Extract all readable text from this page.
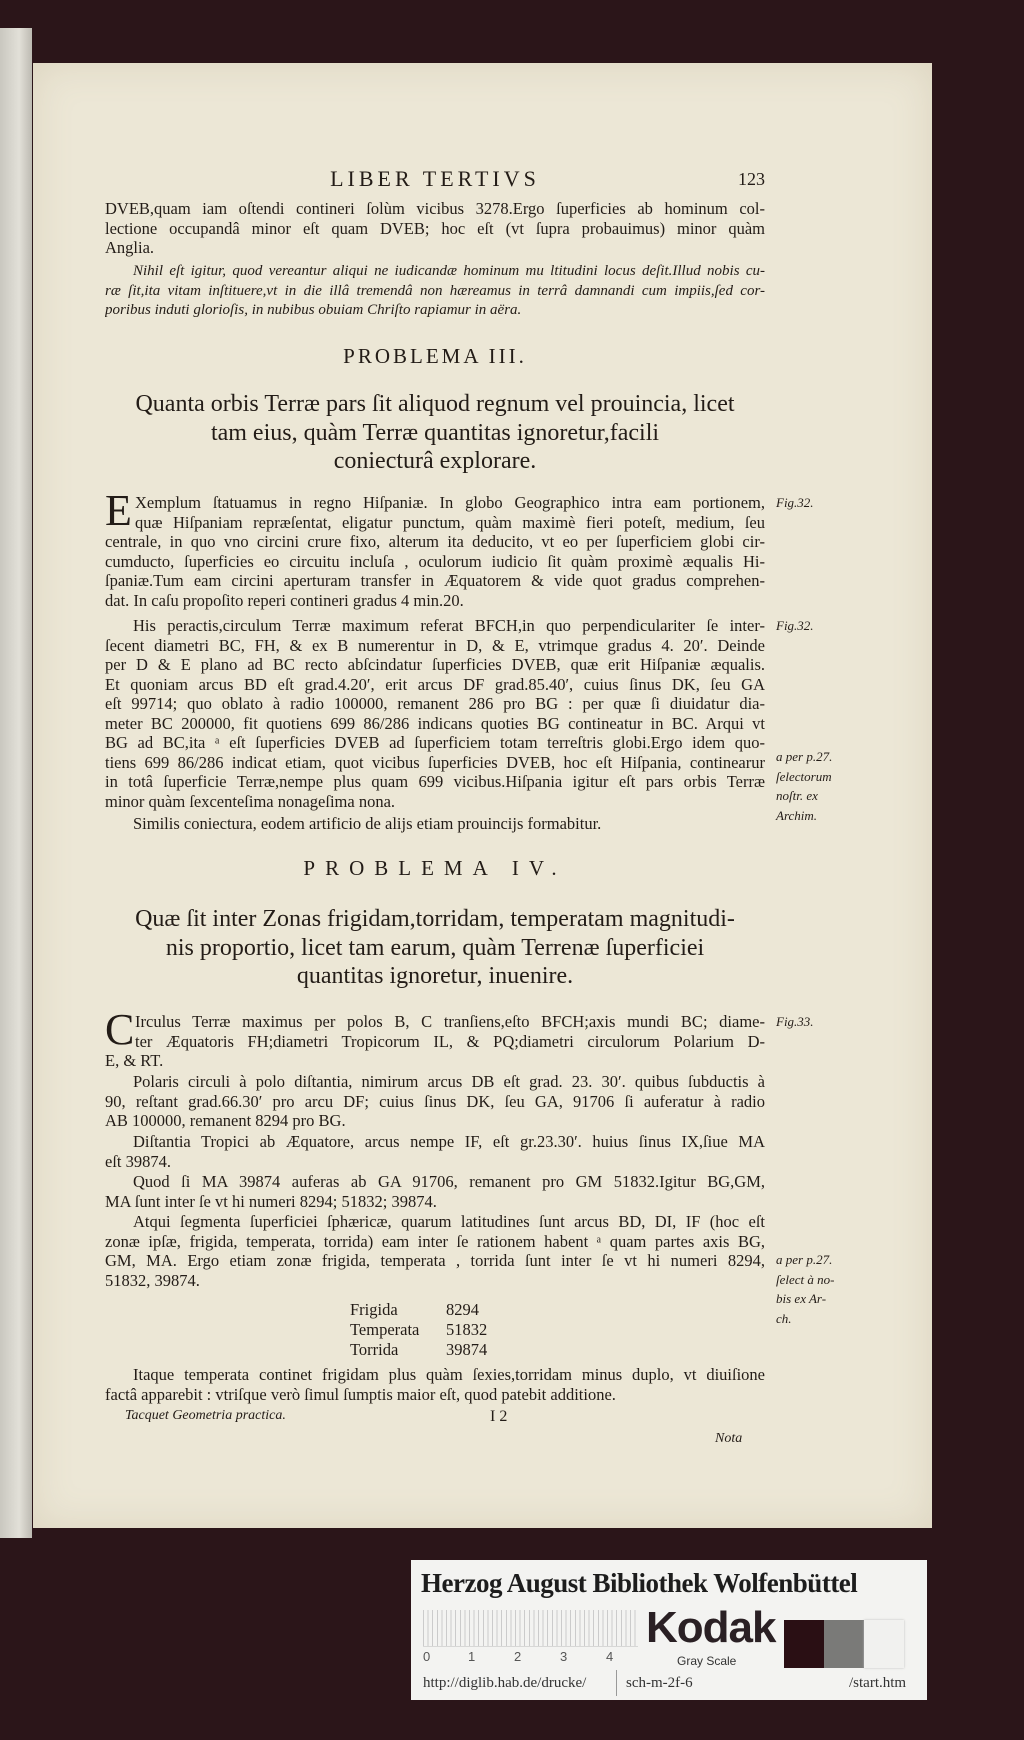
LIBER TERTIVS	123
DVEB,quam iam oſtendi contineri ſolùm vicibus 3278.Ergo ſuperficies ab hominum col-
lectione occupandâ minor eſt quam DVEB; hoc eſt (vt ſupra probauimus) minor quàm
Anglia.
Nihil eſt igitur, quod vereantur aliqui ne iudicandæ hominum mu ltitudini locus deſit.Illud nobis cu-
ræ ſit,ita vitam inſtituere,vt in die illâ tremendâ non hæreamus in terrâ damnandi cum impiis,ſed cor-
poribus induti glorioſis, in nubibus obuiam Chriſto rapiamur in aëra.
PROBLEMA III.
Quanta orbis Terræ pars ſit aliquod regnum vel prouincia, licet
tam eius, quàm Terræ quantitas ignoretur,facili
coniecturâ explorare.
E Xemplum ſtatuamus in regno Hiſpaniæ. In globo Geographico intra eam portionem,
quæ Hiſpaniam repræſentat, eligatur punctum, quàm maximè fieri poteſt, medium, ſeu
centrale, in quo vno circini crure fixo, alterum ita deducito, vt eo per ſuperficiem globi cir-
cumducto, ſuperficies eo circuitu incluſa , oculorum iudicio ſit quàm proximè æqualis Hi-
ſpaniæ.Tum eam circini aperturam transfer in Æquatorem & vide quot gradus comprehen-
dat. In caſu propoſito reperi contineri gradus 4 min.20.
His peractis,circulum Terræ maximum referat BFCH,in quo perpendiculariter ſe inter-
ſecent diametri BC, FH, & ex B numerentur in D, & E, vtrimque gradus 4. 20′. Deinde
per D & E plano ad BC recto abſcindatur ſuperficies DVEB, quæ erit Hiſpaniæ æqualis.
Et quoniam arcus BD eſt grad.4.20′, erit arcus DF grad.85.40′, cuius ſinus DK, ſeu GA
eſt 99714; quo oblato à radio 100000, remanent 286 pro BG : per quæ ſi diuidatur dia-
meter BC 200000, fit quotiens 699 86/286 indicans quoties BG contineatur in BC. Arqui vt
BG ad BC,ita ᵃ eſt ſuperficies DVEB ad ſuperficiem totam terreſtris globi.Ergo idem quo-
tiens 699 86/286 indicat etiam, quot vicibus ſuperficies DVEB, hoc eſt Hiſpania, continearur
in totâ ſuperficie Terræ,nempe plus quam 699 vicibus.Hiſpania igitur eſt pars orbis Terræ
minor quàm ſexcenteſima nonageſima nona.
Similis coniectura, eodem artificio de alijs etiam prouincijs formabitur.
Fig.32.
Fig.32.
a per p.27.
ſelectorum
noſtr. ex
Archim.
PROBLEMA IV.
Quæ ſit inter Zonas frigidam,torridam, temperatam magnitudi-
nis proportio, licet tam earum, quàm Terrenæ ſuperficiei
quantitas ignoretur, inuenire.
C Irculus Terræ maximus per polos B, C tranſiens,eſto BFCH;axis mundi BC; diame-
ter Æquatoris FH;diametri Tropicorum IL, & PQ;diametri circulorum Polarium D-
E, & RT.
Polaris circuli à polo diſtantia, nimirum arcus DB eſt grad. 23. 30′. quibus ſubductis à
90, reſtant grad.66.30′ pro arcu DF; cuius ſinus DK, ſeu GA, 91706 ſi auferatur à radio
AB 100000, remanent 8294 pro BG.
Diſtantia Tropici ab Æquatore, arcus nempe IF, eſt gr.23.30′. huius ſinus IX,ſiue MA
eſt 39874.
Quod ſi MA 39874 auferas ab GA 91706, remanent pro GM 51832.Igitur BG,GM,
MA ſunt inter ſe vt hi numeri 8294; 51832; 39874.
Atqui ſegmenta ſuperficiei ſphæricæ, quarum latitudines ſunt arcus BD, DI, IF (hoc eſt
zonæ ipſæ, frigida, temperata, torrida) eam inter ſe rationem habent ᵃ quam partes axis BG,
GM, MA. Ergo etiam zonæ frigida, temperata , torrida ſunt inter ſe vt hi numeri 8294,
51832, 39874.
Fig.33.
a per p.27.
ſelect à no-
bis ex Ar-
ch.
Frigida	8294
Temperata	51832
Torrida	39874
Itaque temperata continet frigidam plus quàm ſexies,torridam minus duplo, vt diuiſione
factâ apparebit : vtriſque verò ſimul ſumptis maior eſt, quod patebit additione.
Tacquet Geometria practica.	I 2
Nota
Herzog August Bibliothek Wolfenbüttel
0	1	2	3	4
Kodak
Gray Scale
http://diglib.hab.de/drucke/	sch-m-2f-6	/start.htm
